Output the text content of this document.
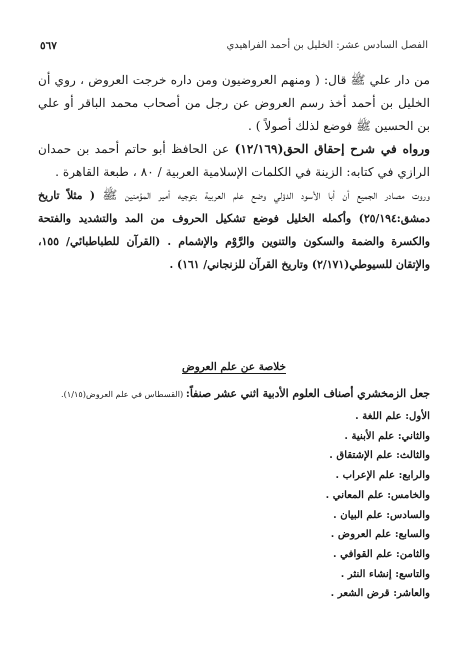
٥٦٧	الفصل السادس عشر: الخليل بن أحمد الفراهيدي

من دار علي ﷺ قال: ( ومنهم العروضيون ومن داره خرجت العروض ، روي أن الخليل بن أحمد أخذ رسم العروض عن رجل من أصحاب محمد الباقر أو علي بن الحسين ﷺ فوضع لذلك أصولاً ) .

ورواه في شرح إحقاق الحق(١٢/١٦٩) عن الحافظ أبو حاتم أحمد بن حمدان الرازي في كتابه: الزينة في الكلمات الإسلامية العربية / ٨٠ ، طبعة القاهرة .

وروت مصادر الجميع أن أبا الأسود الدؤلي وضع علم العربية بتوجيه أمير المؤمنين ﷺ ( مثلاً تاريخ دمشق:٢٥/١٩٤) وأكمله الخليل فوضع تشكيل الحروف من المد والتشديد والفتحة والكسرة والضمة والسكون والتنوين والرَّوْم والإشمام . (القرآن للطباطبائي/ ١٥٥، والإتقان للسيوطي(٢/١٧١) وتاريخ القرآن للزنجاني/ ١٦١) .

خلاصة عن علم العروض
جعل الزمخشري أصناف العلوم الأدبية اثني عشر صنفاً: (القسطاس في علم العروض(١/١٥).
الأول: علم اللغة .
والثاني: علم الأبنية .
والثالث: علم الإشتقاق .
والرابع: علم الإعراب .
والخامس: علم المعاني .
والسادس: علم البيان .
والسابع: علم العروض .
والثامن: علم القوافي .
والتاسع: إنشاء النثر .
والعاشر: قرض الشعر .
